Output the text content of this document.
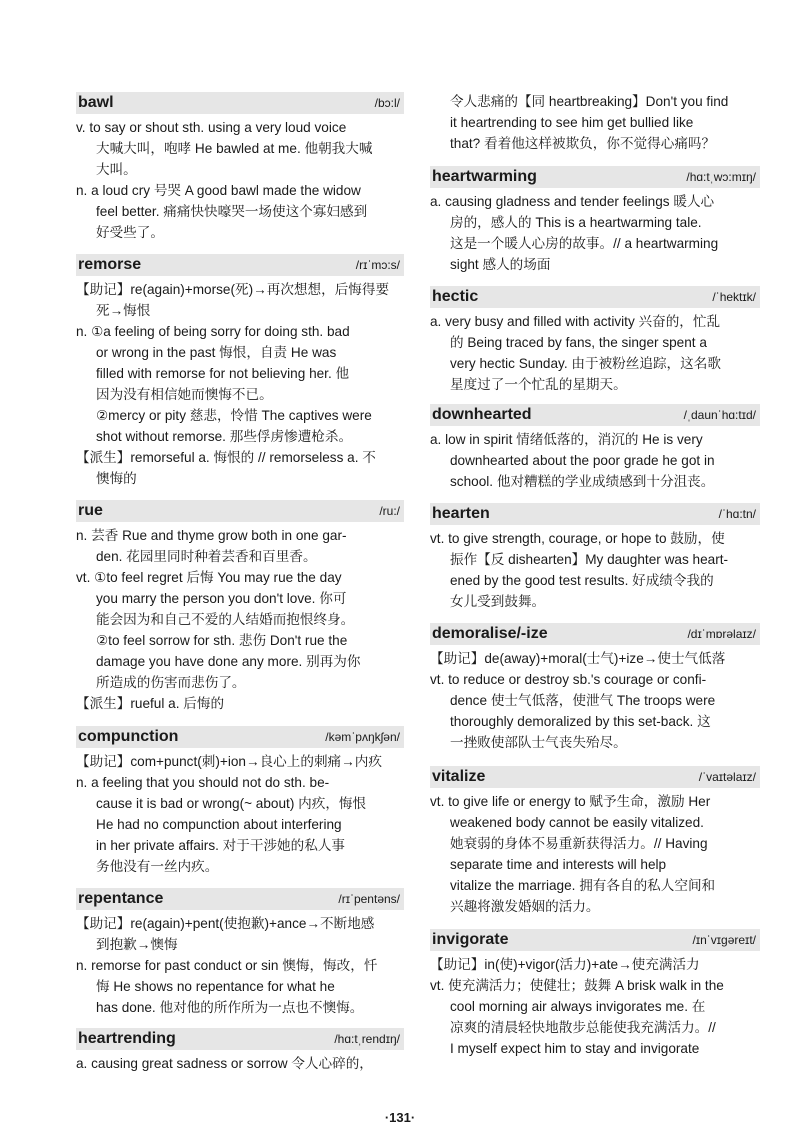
bawl	/bɔ:l/
v. to say or shout sth. using a very loud voice
大喊大叫，咆哮 He bawled at me. 他朝我大喊
大叫。
n. a loud cry 号哭 A good bawl made the widow
feel better. 痛痛快快嚎哭一场使这个寡妇感到
好受些了。
remorse	/rɪˈmɔ:s/
【助记】re(again)+morse(死)→再次想想，后悔得要
死→悔恨
n. ①a feeling of being sorry for doing sth. bad
or wrong in the past 悔恨，自责 He was
filled with remorse for not believing her. 他
因为没有相信她而懊悔不已。
②mercy or pity 慈悲，怜惜 The captives were
shot without remorse. 那些俘虏惨遭枪杀。
【派生】remorseful a. 悔恨的 // remorseless a. 不
懊悔的
rue	/ru:/
n. 芸香 Rue and thyme grow both in one gar-
den. 花园里同时种着芸香和百里香。
vt. ①to feel regret 后悔 You may rue the day
you marry the person you don't love. 你可
能会因为和自己不爱的人结婚而抱恨终身。
②to feel sorrow for sth. 悲伤 Don't rue the
damage you have done any more. 别再为你
所造成的伤害而悲伤了。
【派生】rueful a. 后悔的
compunction	/kəmˈpʌŋkʃən/
【助记】com+punct(刺)+ion→良心上的刺痛→内疚
n. a feeling that you should not do sth. be-
cause it is bad or wrong(~ about) 内疚，悔恨
He had no compunction about interfering
in her private affairs. 对于干涉她的私人事
务他没有一丝内疚。
repentance	/rɪˈpentəns/
【助记】re(again)+pent(使抱歉)+ance→不断地感
到抱歉→懊悔
n. remorse for past conduct or sin 懊悔，悔改，忏
悔 He shows no repentance for what he
has done. 他对他的所作所为一点也不懊悔。
heartrending	/hɑ:tˌrendɪŋ/
a. causing great sadness or sorrow 令人心碎的，
令人悲痛的【同 heartbreaking】Don't you find
it heartrending to see him get bullied like
that? 看着他这样被欺负，你不觉得心痛吗？
heartwarming	/hɑ:tˌwɔ:mɪŋ/
a. causing gladness and tender feelings 暖人心
房的，感人的 This is a heartwarming tale.
这是一个暖人心房的故事。// a heartwarming
sight 感人的场面
hectic	/ˈhektɪk/
a. very busy and filled with activity 兴奋的，忙乱
的 Being traced by fans, the singer spent a
very hectic Sunday. 由于被粉丝追踪，这名歌
星度过了一个忙乱的星期天。
downhearted	/ˌdaunˈhɑ:tɪd/
a. low in spirit 情绪低落的，消沉的 He is very
downhearted about the poor grade he got in
school. 他对糟糕的学业成绩感到十分沮丧。
hearten	/ˈhɑ:tn/
vt. to give strength, courage, or hope to 鼓励，使
振作【反 dishearten】My daughter was heart-
ened by the good test results. 好成绩令我的
女儿受到鼓舞。
demoralise/-ize	/dɪˈmɒrəlaɪz/
【助记】de(away)+moral(士气)+ize→使士气低落
vt. to reduce or destroy sb.'s courage or confi-
dence 使士气低落，使泄气 The troops were
thoroughly demoralized by this set-back. 这
一挫败使部队士气丧失殆尽。
vitalize	/ˈvaɪtəlaɪz/
vt. to give life or energy to 赋予生命，激励 Her
weakened body cannot be easily vitalized.
她衰弱的身体不易重新获得活力。// Having
separate time and interests will help
vitalize the marriage. 拥有各自的私人空间和
兴趣将激发婚姻的活力。
invigorate	/ɪnˈvɪgəreɪt/
【助记】in(使)+vigor(活力)+ate→使充满活力
vt. 使充满活力；使健壮；鼓舞 A brisk walk in the
cool morning air always invigorates me. 在
凉爽的清晨轻快地散步总能使我充满活力。//
I myself expect him to stay and invigorate
·131·
